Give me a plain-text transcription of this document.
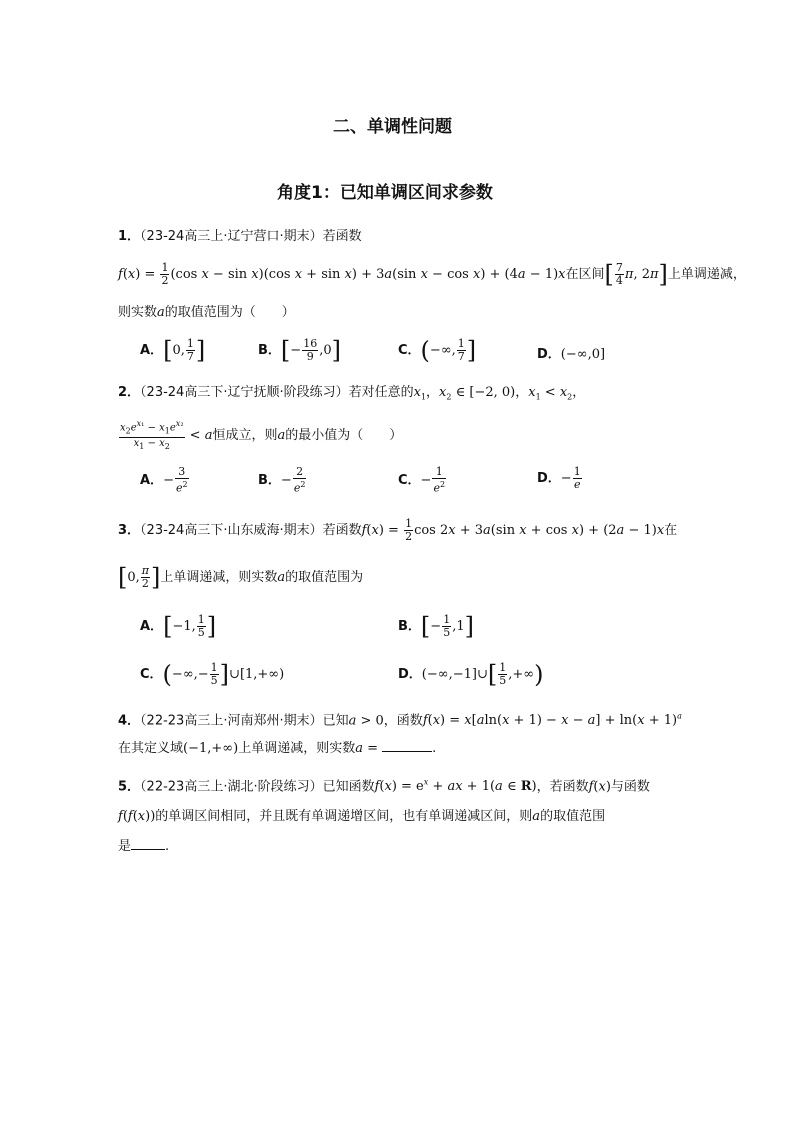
二、单调性问题
角度1：已知单调区间求参数
1．（23-24高三上·辽宁营口·期末）若函数
$f(x) = \frac{1}{2} (\cos$ x − sin x)(cos x + sin x) + 3a(sin x − cos x) + (4a − 1)x在区间[ $\frac{7}{4} \pi$, 2π]上单调递减，
则实数a的取值范围为（　　）
A．[0, $\frac{1}{7}$ ]	B．[− $\frac{16}{9} ,0$]	C．(−∞, $\frac{1}{7}$ ]	D．(−∞,0]
2．（23-24高三下·辽宁抚顺·阶段练习）若对任意的$x_1$，$x_2$ ∈ [−2, 0)，$x_1 < x_2$，
$\frac{x_2e^{x_1} - x_1e^{x_2}}{x_1 - x_2} < a$恒成立，则a的最小值为（　　）
A．− $\frac{3}{e^2}$	B．− $\frac{2}{e^2}$	C．− $\frac{1}{e^2}$	D．− $\frac{1}{e}$
3．（23-24高三下·山东威海·期末）若函数$f(x) = \frac{1}{2}$ cos 2x + 3a(sin x + cos x) + (2a − 1)x在
[0, $\frac{\pi}{2}$ ]上单调递减，则实数a的取值范围为
A．[−1, $\frac{1}{5}$ ]	B．[− $\frac{1}{5} ,1$]
C．(−∞,− $\frac{1}{5}$ ]∪[1,+∞)	D．(−∞,−1]∪[ $\frac{1}{5}$ ,+∞)
4．（22-23高三上·河南郑州·期末）已知a > 0，函数$f(x) = x[aln(x + 1) - x - a] + \ln(x + 1)^a$
在其定义域(−1,+∞)上单调递减，则实数a =	.
5．（22-23高三上·湖北·阶段练习）已知函数$f(x) = e^x$ + ax + 1(a ∈ R)，若函数f(x)与函数
f(f(x))的单调区间相同，并且既有单调递增区间，也有单调递减区间，则a的取值范围
是	.
